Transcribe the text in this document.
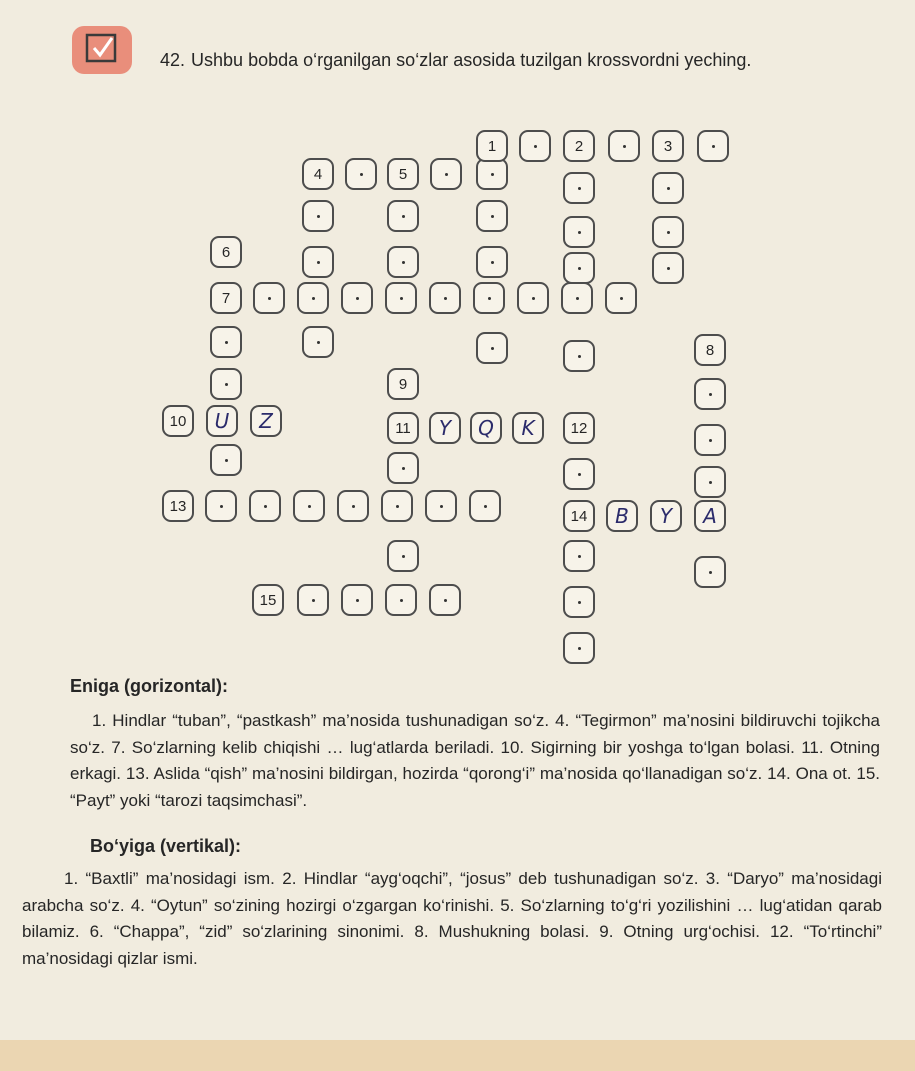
42. Ushbu bobda o‘rganilgan so‘zlar asosida tuzilgan krossvordni yeching.
1	2	3
4	5
6
7
8
9
10	11	12
13
14
15
U	Z	Y	Q
B	Y	A
K
Eniga (gorizontal):
1. Hindlar “tuban”, “pastkash” ma’nosida tushunadigan so‘z. 4. “Tegirmon” ma’nosini bildiruvchi tojikcha so‘z. 7. So‘zlarning kelib chiqishi … lug‘atlarda beriladi. 10. Sigirning bir yoshga to‘lgan bolasi. 11. Otning erkagi. 13. Aslida “qish” ma’nosini bildirgan, hozirda “qorong‘i” ma’nosida qo‘llanadigan so‘z. 14. Ona ot. 15. “Payt” yoki “tarozi taqsimchasi”.
Bo‘yiga (vertikal):
1. “Baxtli” ma’nosidagi ism. 2. Hindlar “ayg‘oqchi”, “josus” deb tushunadigan so‘z. 3. “Daryo” ma’nosidagi arabcha so‘z. 4. “Oytun” so‘zining hozirgi o‘zgargan ko‘rinishi. 5. So‘zlarning to‘g‘ri yozilishini … lug‘atidan qarab bilamiz. 6. “Chappa”, “zid” so‘zlarining sinonimi. 8. Mushukning bolasi. 9. Otning urg‘ochisi. 12. “To‘rtinchi” ma’nosidagi qizlar ismi.
